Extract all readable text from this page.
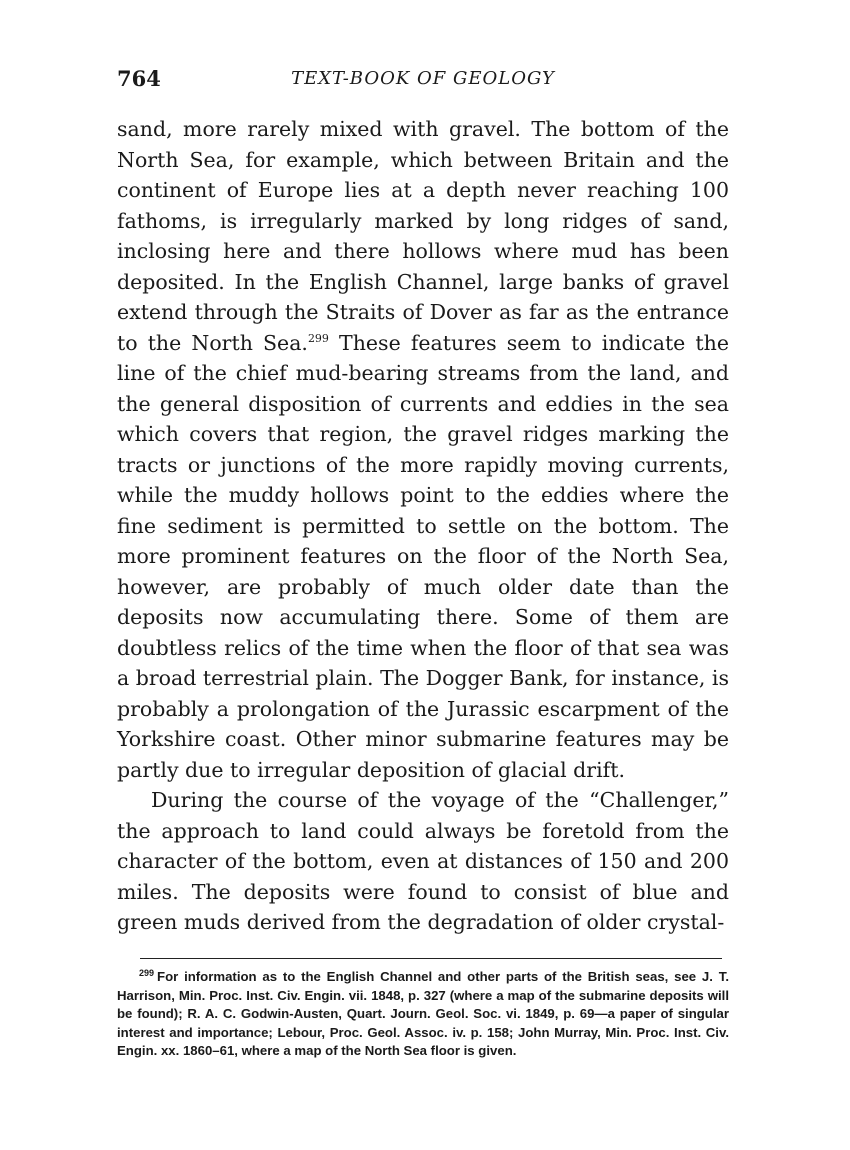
764	TEXT-BOOK OF GEOLOGY

sand, more rarely mixed with gravel. The bottom of the North Sea, for example, which between Britain and the continent of Europe lies at a depth never reaching 100 fathoms, is irregularly marked by long ridges of sand, inclosing here and there hollows where mud has been deposited. In the English Channel, large banks of gravel extend through the Straits of Dover as far as the entrance to the North Sea.$^{299}$ These features seem to indicate the line of the chief mud-bearing streams from the land, and the general disposition of currents and eddies in the sea which covers that region, the gravel ridges marking the tracts or junctions of the more rapidly moving currents, while the muddy hollows point to the eddies where the fine sediment is permitted to settle on the bottom. The more prominent features on the floor of the North Sea, however, are probably of much older date than the deposits now accumulating there. Some of them are doubtless relics of the time when the floor of that sea was a broad terrestrial plain. The Dogger Bank, for instance, is probably a prolongation of the Jurassic escarpment of the Yorkshire coast. Other minor submarine features may be partly due to irregular deposition of glacial drift.

During the course of the voyage of the “Challenger,” the approach to land could always be foretold from the character of the bottom, even at distances of 150 and 200 miles. The deposits were found to consist of blue and green muds derived from the degradation of older crystal-

$^{299}$ For information as to the English Channel and other parts of the British seas, see J. T. Harrison, Min. Proc. Inst. Civ. Engin. vii. 1848, p. 327 (where a map of the submarine deposits will be found); R. A. C. Godwin-Austen, Quart. Journ. Geol. Soc. vi. 1849, p. 69—a paper of singular interest and importance; Lebour, Proc. Geol. Assoc. iv. p. 158; John Murray, Min. Proc. Inst. Civ. Engin. xx. 1860–61, where a map of the North Sea floor is given.
